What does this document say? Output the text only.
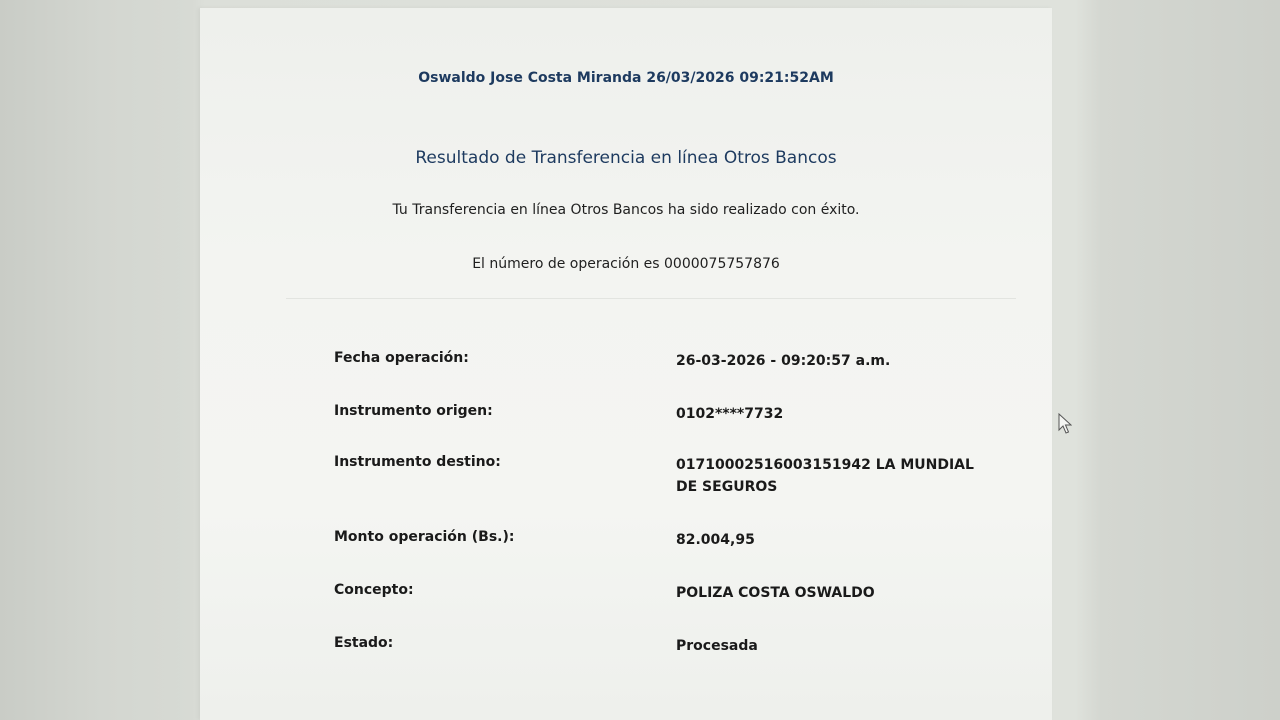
Oswaldo Jose Costa Miranda 26/03/2026 09:21:52AM
Resultado de Transferencia en línea Otros Bancos
Tu Transferencia en línea Otros Bancos ha sido realizado con éxito.
El número de operación es 0000075757876
Fecha operación:	26-03-2026 - 09:20:57 a.m.
Instrumento origen:	0102****7732
Instrumento destino:	01710002516003151942 LA MUNDIAL DE SEGUROS
Monto operación (Bs.):	82.004,95
Concepto:	POLIZA COSTA OSWALDO
Estado:	Procesada
